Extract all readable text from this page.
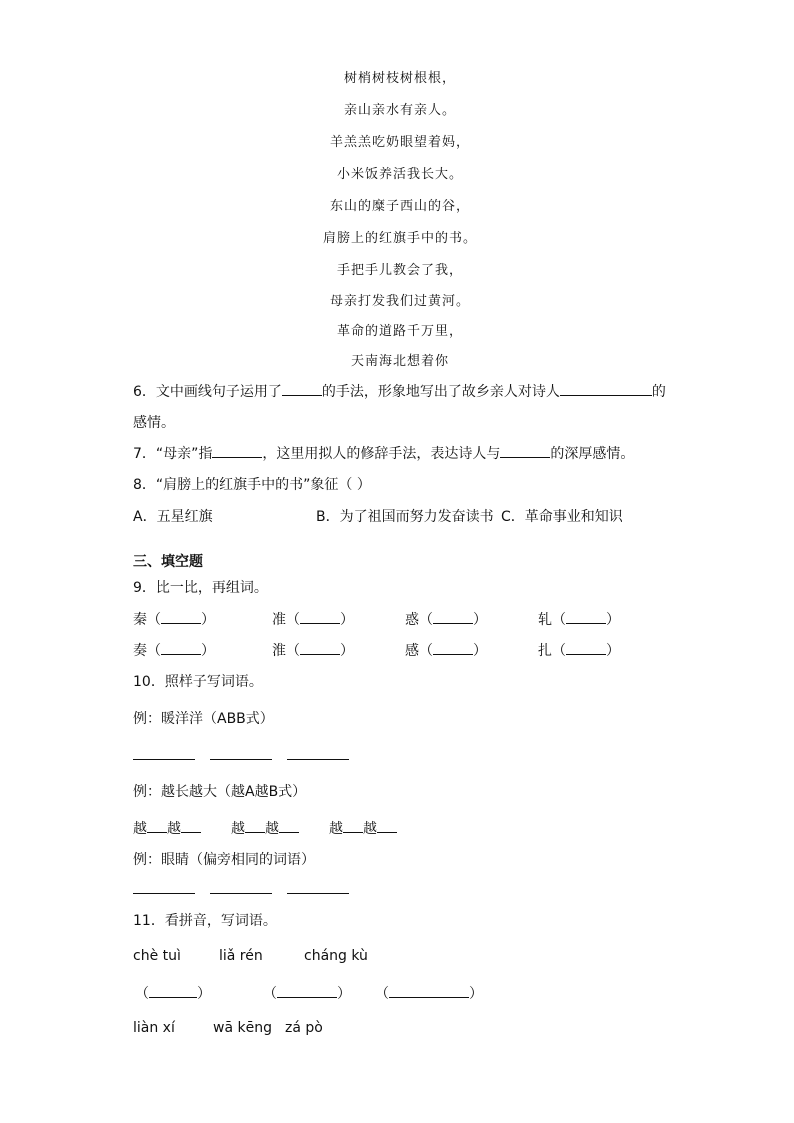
树梢树枝树根根，
亲山亲水有亲人。
羊羔羔吃奶眼望着妈，
小米饭养活我长大。
东山的糜子西山的谷，
肩膀上的红旗手中的书。
手把手儿教会了我，
母亲打发我们过黄河。
革命的道路千万里，
天南海北想着你
6．文中画线句子运用了	的手法，形象地写出了故乡亲人对诗人	的
感情。
7．“母亲”指	，这里用拟人的修辞手法，表达诗人与	的深厚感情。
8．“肩膀上的红旗手中的书”象征（ ）
A．五星红旗	B．为了祖国而努力发奋读书 C．革命事业和知识
三、填空题
9．比一比，再组词。
秦（	）	准（	）	惑（	）	轧（	）
奏（	）	淮（	）	感（	）	扎（	）
10．照样子写词语。
例：暖洋洋（ABB式）
例：越长越大（越A越B式）
越 越	越 越	越 越
例：眼睛（偏旁相同的词语）
11．看拼音，写词语。
chè tuì	liǎ rén	cháng kù
（	）	（	） （	）
liàn xí	wā kēng zá pò
